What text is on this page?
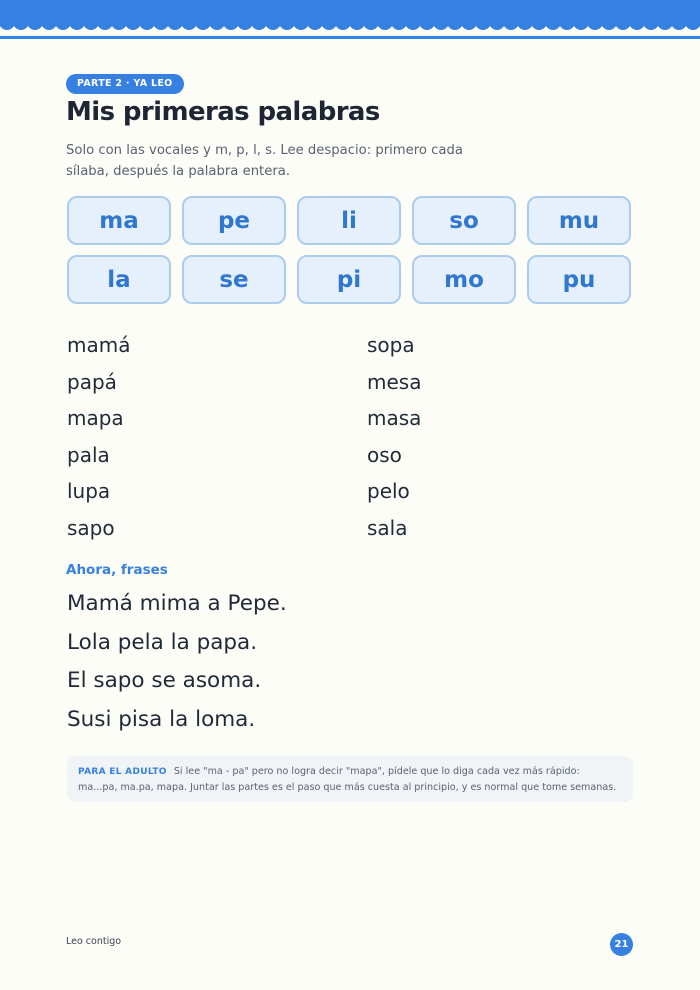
PARTE 2 · YA LEO
Mis primeras palabras

Solo con las vocales y m, p, l, s. Lee despacio: primero cada sílaba, después la palabra entera.

ma	pe	li	so	mu
la	se	pi	mo	pu
mamá	sopa
papá	mesa
mapa	masa
pala	oso
lupa	pelo
sapo	sala
Ahora, frases
Mamá mima a Pepe.
Lola pela la papa.
El sapo se asoma.
Susi pisa la loma.
PARA EL ADULTO Si lee "ma - pa" pero no logra decir "mapa", pídele que lo diga cada vez más rápido: ma...pa, ma.pa, mapa. Juntar las partes es el paso que más cuesta al principio, y es normal que tome semanas.
Leo contigo	21
